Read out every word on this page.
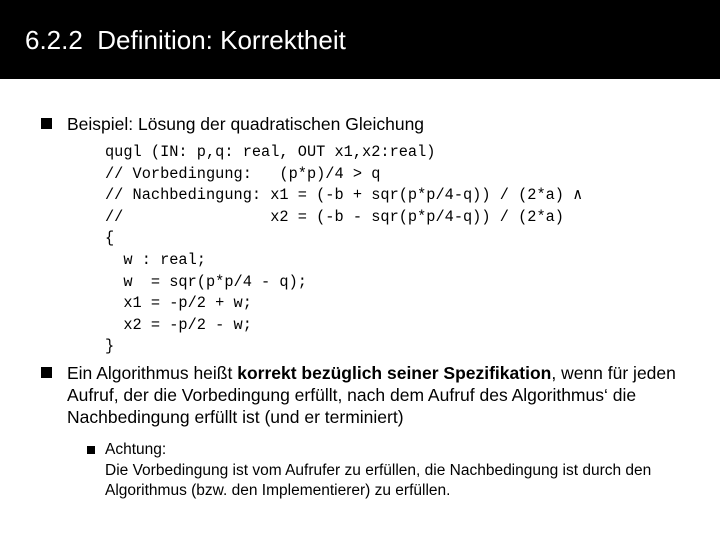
6.2.2  Definition: Korrektheit
Beispiel: Lösung der quadratischen Gleichung
qugl (IN: p,q: real, OUT x1,x2:real)
// Vorbedingung:   (p*p)/4 > q
// Nachbedingung: x1 = (-b + sqr(p*p/4-q)) / (2*a) ∧
//                x2 = (-b - sqr(p*p/4-q)) / (2*a)
{
w : real;
w  = sqr(p*p/4 - q);
x1 = -p/2 + w;
x2 = -p/2 - w;
}
Ein Algorithmus heißt korrekt bezüglich seiner Spezifikation, wenn für jeden Aufruf, der die Vorbedingung erfüllt, nach dem Aufruf des Algorithmus‘ die Nachbedingung erfüllt ist (und er terminiert)
Achtung:
Die Vorbedingung ist vom Aufrufer zu erfüllen, die Nachbedingung ist durch den Algorithmus (bzw. den Implementierer) zu erfüllen.
